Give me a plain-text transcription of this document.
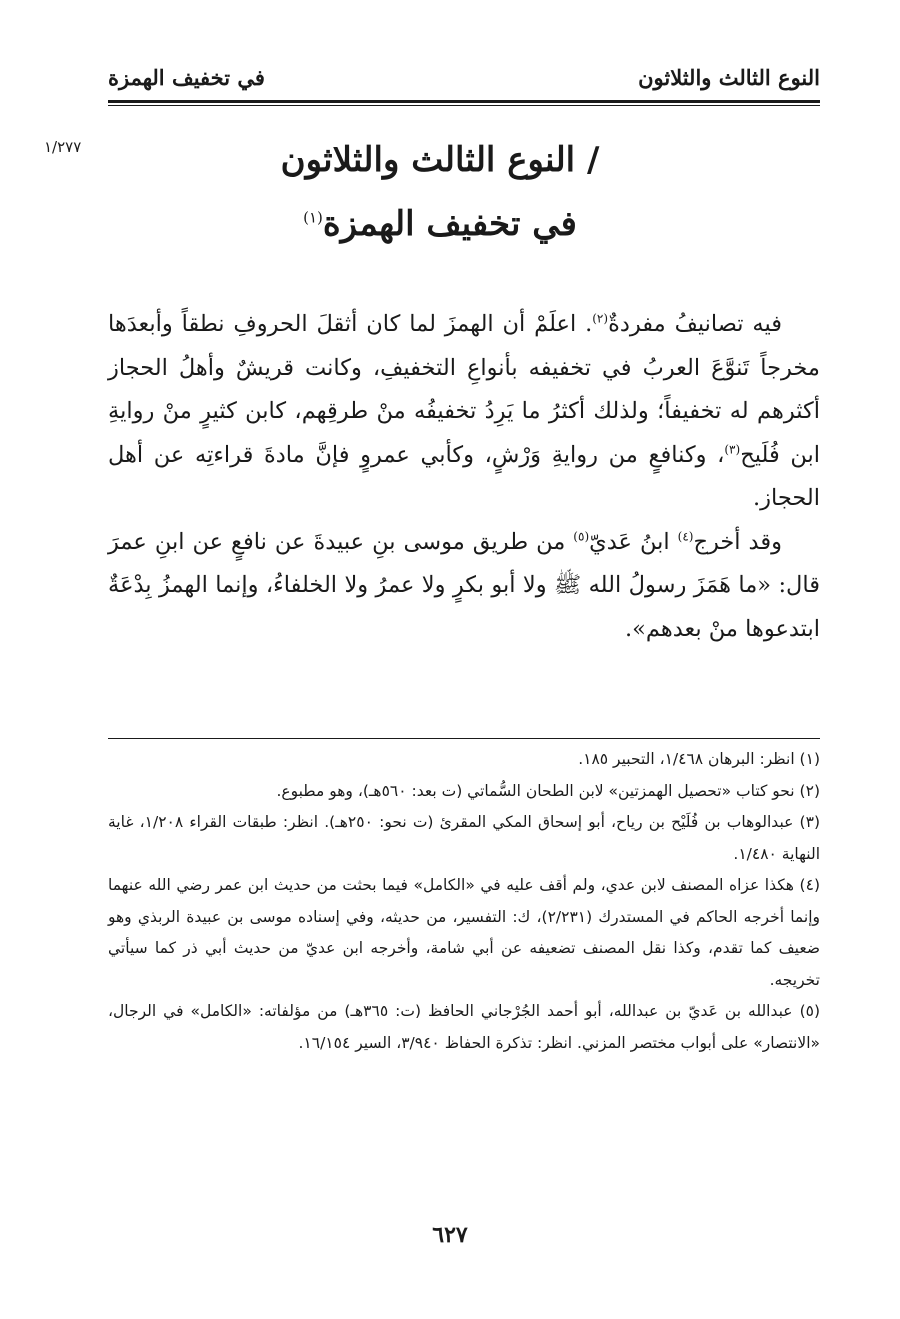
النوع الثالث والثلاثون
في تخفيف الهمزة
١/٢٧٧	/ النوع الثالث والثلاثون
في تخفيف الهمزة$^{(١)}$

فيه تصانيفُ مفردةٌ$^{(٢)}$. اعلَمْ أن الهمزَ لما كان أثقلَ الحروفِ نطقاً وأبعدَها مخرجاً تَنوَّعَ العربُ في تخفيفه بأنواعِ التخفيفِ، وكانت قريشٌ وأهلُ الحجاز أكثرهم له تخفيفاً؛ ولذلك أكثرُ ما يَرِدُ تخفيفُه منْ طرقِهم، كابن كثيرٍ منْ روايةِ ابن فُلَيح$^{(٣)}$، وكنافعٍ من روايةِ وَرْشٍ، وكأبي عمروٍ فإنَّ مادةَ قراءتِه عن أهل الحجاز.

وقد أخرج$^{(٤)}$ ابنُ عَديّ$^{(٥)}$ من طريق موسى بنِ عبيدةَ عن نافعٍ عن ابنِ عمرَ قال: «ما هَمَزَ رسولُ الله ﷺ ولا أبو بكرٍ ولا عمرُ ولا الخلفاءُ، وإنما الهمزُ بِدْعَةٌ ابتدعوها منْ بعدهم».

(١) انظر: البرهان ١/٤٦٨، التحبير ١٨٥.

(٢) نحو كتاب «تحصيل الهمزتين» لابن الطحان السُّماتي (ت بعد: ٥٦٠هـ)، وهو مطبوع.

(٣) عبدالوهاب بن فُلَيْح بن رياح، أبو إسحاق المكي المقرئ (ت نحو: ٢٥٠هـ). انظر: طبقات القراء ١/٢٠٨، غاية النهاية ١/٤٨٠.

(٤) هكذا عزاه المصنف لابن عدي، ولم أقف عليه في «الكامل» فيما بحثت من حديث ابن عمر رضي الله عنهما وإنما أخرجه الحاكم في المستدرك (٢/٢٣١)، ك: التفسير، من حديثه، وفي إسناده موسى بن عبيدة الربذي وهو ضعيف كما تقدم، وكذا نقل المصنف تضعيفه عن أبي شامة، وأخرجه ابن عديّ من حديث أبي ذر كما سيأتي تخريجه.

(٥) عبدالله بن عَديّ بن عبدالله، أبو أحمد الجُرْجاني الحافظ (ت: ٣٦٥هـ) من مؤلفاته: «الكامل» في الرجال، «الانتصار» على أبواب مختصر المزني. انظر: تذكرة الحفاظ ٣/٩٤٠، السير ١٦/١٥٤.

٦٢٧
